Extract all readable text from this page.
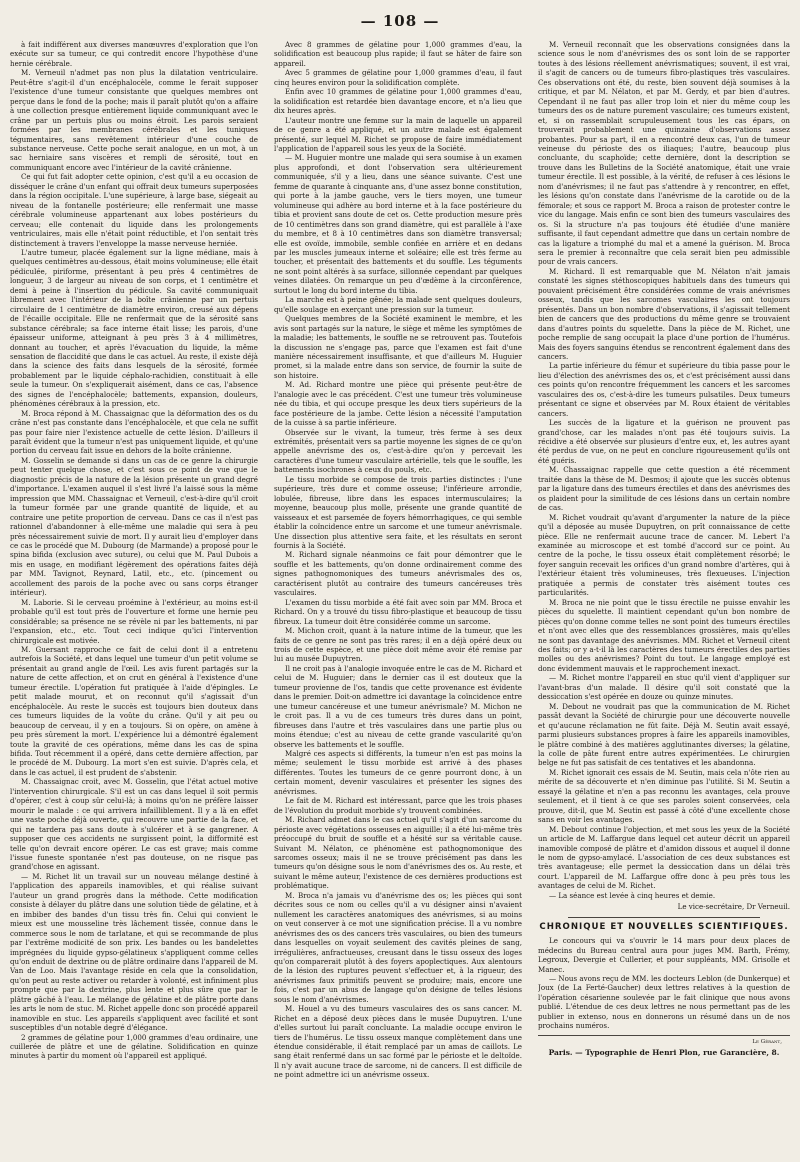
— 108 —

à fait indifférent aux diverses manœuvres d'exploration que l'on exécute sur sa tumeur, ce qui contredit encore l'hypothèse d'une hernie cérébrale.

M. Verneuil n'admet pas non plus la dilatation ventriculaire. Peut-être s'agit-il d'un encéphalocèle, comme le ferait supposer l'existence d'une tumeur consistante que quelques membres ont perçue dans le fond de la poche; mais il paraît plutôt qu'on a affaire à une collection presque entièrement liquide communiquant avec le crâne par un pertuis plus ou moins étroit. Les parois seraient formées par les membranes cérébrales et les tuniques tégumentaires, sans revêtement intérieur d'une couche de substance nerveuse. Cette poche serait analogue, en un mot, à un sac herniaire sans viscères et rempli de sérosité, tout en communiquant encore avec l'intérieur de la cavité crânienne.

Ce qui fut fait adopter cette opinion, c'est qu'il a eu occasion de disséquer le crâne d'un enfant qui offrait deux tumeurs superposées dans la région occipitale. L'une supérieure, à large base, siégeait au niveau de la fontanelle postérieure; elle renfermait une masse cérébrale volumineuse appartenant aux lobes postérieurs du cerveau; elle contenait du liquide dans les prolongements ventriculaires, mais elle n'était point réductible, et l'on sentait très distinctement à travers l'enveloppe la masse nerveuse herniée.

L'autre tumeur, placée également sur la ligne médiane, mais à quelques centimètres au-dessous, était moins volumineuse; elle était pédiculée, piriforme, présentant à peu près 4 centimètres de longueur, 3 de largeur au niveau de son corps, et 1 centimètre et demi à peine à l'insertion du pédicule. Sa cavité communiquait librement avec l'intérieur de la boîte crânienne par un pertuis circulaire de 1 centimètre de diamètre environ, creusé aux dépens de l'écaille occipitale. Elle ne renfermait que de la sérosité sans substance cérébrale; sa face interne était lisse; les parois, d'une épaisseur uniforme, atteignant à peu près 3 à 4 millimètres, donnant au toucher, et après l'évacuation du liquide, la même sensation de flaccidité que dans le cas actuel. Au reste, il existe déjà dans la science des faits dans lesquels de la sérosité, formée probablement par le liquide céphalo-rachidien, constituait à elle seule la tumeur. On s'expliquerait aisément, dans ce cas, l'absence des signes de l'encéphalocèle; battements, expansion, douleurs, phénomènes cérébraux à la pression, etc.

M. Broca répond à M. Chassaignac que la déformation des os du crâne n'est pas constante dans l'encéphalocèle, et que cela ne suffit pas pour faire nier l'existence actuelle de cette lésion. D'ailleurs il paraît évident que la tumeur n'est pas uniquement liquide, et qu'une portion du cerveau fait issue en dehors de la boîte crânienne.

M. Gosselin se demande si dans un cas de ce genre la chirurgie peut tenter quelque chose, et c'est sous ce point de vue que le diagnostic précis de la nature de la lésion présente un grand degré d'importance. L'examen auquel il s'est livré l'a laissé sous la même impression que MM. Chassaignac et Verneuil, c'est-à-dire qu'il croit la tumeur formée par une grande quantité de liquide, et au contraire une petite proportion de cerveau. Dans ce cas il n'est pas rationnel d'abandonner à elle-même une maladie qui sera à peu près nécessairement suivie de mort. Il y aurait lieu d'employer dans ce cas le procédé que M. Dubourg (de Marmande) a proposé pour le spina bifida (exclusion avec suture), ou celui que M. Paul Dubois a mis en usage, en modifiant légèrement des opérations faites déjà par MM. Tavignot, Reynard, Latil, etc., etc. (pincement ou accollement des parois de la poche avec ou sans corps étranger intérieur).

M. Laborie. Si le cerveau proémine à l'extérieur, au moins est-il probable qu'il est tout près de l'ouverture et forme une hernie peu considérable; sa présence ne se révèle ni par les battements, ni par l'expansion, etc., etc. Tout ceci indique qu'ici l'intervention chirurgicale est motivée.

M. Guersant rapproche ce fait de celui dont il a entretenu autrefois la Société, et dans lequel une tumeur d'un petit volume se présentait au grand angle de l'œil. Les avis furent partagés sur la nature de cette affection, et on crut en général à l'existence d'une tumeur érectile. L'opération fut pratiquée à l'aide d'épingles. Le petit malade mourut, et on reconnut qu'il s'agissait d'un encéphalocèle. Au reste le succès est toujours bien douteux dans ces tumeurs liquides de la voûte du crâne. Qu'il y ait peu ou beaucoup de cerveau, il y en a toujours. Si on opère, on amène à peu près sûrement la mort. L'expérience lui a démontré également toute la gravité de ces opérations, même dans les cas de spina bifida. Tout récemment il a opéré, dans cette dernière affection, par le procédé de M. Dubourg. La mort s'en est suivie. D'après cela, et dans le cas actuel, il est prudent de s'abstenir.

M. Chassaignac croit, avec M. Gosselin, que l'état actuel motive l'intervention chirurgicale. S'il est un cas dans lequel il soit permis d'opérer, c'est à coup sûr celui-là; à moins qu'on ne préfère laisser mourir le malade : ce qui arrivera infailliblement. Il y a là en effet une vaste poche déjà ouverte, qui recouvre une partie de la face, et qui ne tardera pas sans doute à s'ulcérer et à se gangrener. A supposer que ces accidents ne surgissent point, la difformité est telle qu'on devrait encore opérer. Le cas est grave; mais comme l'issue funeste spontanée n'est pas douteuse, on ne risque pas grand'chose en agissant.

— M. Richet lit un travail sur un nouveau mélange destiné à l'application des appareils inamovibles, et qui réalise suivant l'auteur un grand progrès dans la méthode. Cette modification consiste à délayer du plâtre dans une solution tiède de gélatine, et à en imbiber des bandes d'un tissu très fin. Celui qui convient le mieux est une mousseline très lâchement tissée, connue dans le commerce sous le nom de tarlatane, et qui se recommande de plus par l'extrême modicité de son prix. Les bandes ou les bandelettes imprégnées du liquide gypso-gélatineux s'appliquent comme celles qu'on enduit de dextrine ou de plâtre ordinaire dans l'appareil de M. Van de Loo. Mais l'avantage réside en cela que la consolidation, qu'on peut au reste activer ou retarder à volonté, est infiniment plus prompte que par la dextrine, plus lente et plus sûre que par le plâtre gâché à l'eau. Le mélange de gélatine et de plâtre porte dans les arts le nom de stuc. M. Richet appelle donc son procédé appareil inamovible en stuc. Les appareils s'appliquent avec facilité et sont susceptibles d'un notable degré d'élégance.

2 grammes de gélatine pour 1,000 grammes d'eau ordinaire, une cuillerée de plâtre et une de gélatine. Solidification en quinze minutes à partir du moment où l'appareil est appliqué.

Avec 8 grammes de gélatine pour 1,000 grammes d'eau, la solidification est beaucoup plus rapide; il faut se hâter de faire son appareil.

Avec 5 grammes de gélatine pour 1,000 grammes d'eau, il faut cinq heures environ pour la solidification complète.

Enfin avec 10 grammes de gélatine pour 1,000 grammes d'eau, la solidification est retardée bien davantage encore, et n'a lieu que dix heures après.

L'auteur montre une femme sur la main de laquelle un appareil de ce genre a été appliqué, et un autre malade est également présenté, sur lequel M. Richet se propose de faire immédiatement l'application de l'appareil sous les yeux de la Société.

— M. Huguier montre une malade qui sera soumise à un examen plus approfondi, et dont l'observation sera ultérieurement communiquée, s'il y a lieu, dans une séance suivante. C'est une femme de quarante à cinquante ans, d'une assez bonne constitution, qui porte à la jambe gauche, vers le tiers moyen, une tumeur volumineuse qui adhère au bord interne et à la face postérieure du tibia et provient sans doute de cet os. Cette production mesure près de 10 centimètres dans son grand diamètre, qui est parallèle à l'axe du membre, et 8 à 10 centimètres dans son diamètre transversal; elle est ovoïde, immobile, semble confiée en arrière et en dedans par les muscles jumeaux interne et soléaire; elle est très ferme au toucher, et présentait des battements et du souffle. Les téguments ne sont point altérés à sa surface, sillonnée cependant par quelques veines dilatées. On remarque un peu d'œdème à la circonférence, surtout le long du bord interne du tibia.

La marche est à peine gênée; la malade sent quelques douleurs, qu'elle soulage en exerçant une pression sur la tumeur.

Quelques membres de la Société examinent le membre, et les avis sont partagés sur la nature, le siège et même les symptômes de la maladie; les battements, le souffle ne se retrouvent pas. Toutefois la discussion ne s'engage pas, parce que l'examen est fait d'une manière nécessairement insuffisante, et que d'ailleurs M. Huguier promet, si la malade entre dans son service, de fournir la suite de son histoire.

M. Ad. Richard montre une pièce qui présente peut-être de l'analogie avec le cas précédent. C'est une tumeur très volumineuse née du tibia, et qui occupe presque les deux tiers supérieurs de la face postérieure de la jambe. Cette lésion a nécessité l'amputation de la cuisse à sa partie inférieure.

Observée sur le vivant, la tumeur, très ferme à ses deux extrémités, présentait vers sa partie moyenne les signes de ce qu'on appelle anévrisme des os, c'est-à-dire qu'on y percevait les caractères d'une tumeur vasculaire artérielle, tels que le souffle, les battements isochrones à ceux du pouls, etc.

Le tissu morbide se compose de trois parties distinctes : l'une supérieure, très dure et comme osseuse; l'inférieure arrondie, lobulée, fibreuse, libre dans les espaces intermusculaires; la moyenne, beaucoup plus molle, présente une grande quantité de vaisseaux et est parsemée de foyers hémorrhagiques, ce qui semble établir la coïncidence entre un sarcome et une tumeur anévrismale. Une dissection plus attentive sera faite, et les résultats en seront fournis à la Société.

M. Richard signale néanmoins ce fait pour démontrer que le souffle et les battements, qu'on donne ordinairement comme des signes pathognomoniques des tumeurs anévrismales des os, caractérisent plutôt au contraire des tumeurs cancéreuses très vasculaires.

L'examen du tissu morbide a été fait avec soin par MM. Broca et Richard. On y a trouvé du tissu fibro-plastique et beaucoup de tissu fibreux. La tumeur doit être considérée comme un sarcome.

M. Michon croit, quant à la nature intime de la tumeur, que les faits de ce genre ne sont pas très rares; il en a déjà opéré deux ou trois de cette espèce, et une pièce doit même avoir été remise par lui au musée Dupuytren.

Il ne croit pas à l'analogie invoquée entre le cas de M. Richard et celui de M. Huguier; dans le dernier cas il est douteux que la tumeur provienne de l'os, tandis que cette provenance est évidente dans le premier. Doit-on admettre ici davantage la coïncidence entre une tumeur cancéreuse et une tumeur anévrismale? M. Michon ne le croit pas. Il a vu de ces tumeurs très dures dans un point, fibreuses dans l'autre et très vasculaires dans une partie plus ou moins étendue; c'est au niveau de cette grande vascularité qu'on observe les battements et le souffle.

Malgré ces aspects si différents, la tumeur n'en est pas moins la même; seulement le tissu morbide est arrivé à des phases différentes. Toutes les tumeurs de ce genre pourront donc, à un certain moment, devenir vasculaires et présenter les signes des anévrismes.

Le fait de M. Richard est intéressant, parce que les trois phases de l'évolution du produit morbide s'y trouvent combinées.

M. Richard admet dans le cas actuel qu'il s'agit d'un sarcome du périoste avec végétations osseuses en aiguille; il a été lui-même très préoccupé du bruit de souffle et a hésité sur sa véritable cause. Suivant M. Nélaton, ce phénomène est pathognomonique des sarcomes osseux; mais il ne se trouve précisément pas dans les tumeurs qu'on désigne sous le nom d'anévrismes des os. Au reste, et suivant le même auteur, l'existence de ces dernières productions est problématique.

M. Broca n'a jamais vu d'anévrisme des os; les pièces qui sont décrites sous ce nom ou celles qu'il a vu désigner ainsi n'avaient nullement les caractères anatomiques des anévrismes, si au moins on veut conserver à ce mot une signification précise. Il a vu nombre anévrismes des os des cancers très vasculaires, ou bien des tumeurs dans lesquelles on voyait seulement des cavités pleines de sang, irrégulières, anfractueuses, creusant dans le tissu osseux des loges qu'on comparerait plutôt à des foyers apoplectiques. Aux alentours de la lésion des ruptures peuvent s'effectuer et, à la rigueur, des anévrismes faux primitifs peuvent se produire; mais, encore une fois, c'est par un abus de langage qu'on désigne de telles lésions sous le nom d'anévrismes.

M. Houel a vu des tumeurs vasculaires des os sans cancer. M. Richet en a déposé deux pièces dans le musée Dupuytren. L'une d'elles surtout lui paraît concluante. La maladie occupe environ le tiers de l'humérus. Le tissu osseux manque complètement dans une étendue considérable, il était remplacé par un amas de caillots. Le sang était renfermé dans un sac formé par le périoste et le deltoïde. Il n'y avait aucune trace de sarcome, ni de cancers. Il est difficile de ne point admettre ici un anévrisme osseux.

M. Verneuil reconnaît que les observations consignées dans la science sous le nom d'anévrismes des os sont loin de se rapporter toutes à des lésions réellement anévrismatiques; souvent, il est vrai, il s'agit de cancers ou de tumeurs fibro-plastiques très vasculaires. Ces observations ont été, du reste, bien souvent déjà soumises à la critique, et par M. Nélaton, et par M. Gerdy, et par bien d'autres. Cependant il ne faut pas aller trop loin et nier du même coup les tumeurs des os de nature purement vasculaire; ces tumeurs existent, et, si on rassemblait scrupuleusement tous les cas épars, on trouverait probablement une quinzaine d'observations assez probantes. Pour sa part, il en a rencontré deux cas, l'un de tumeur veineuse du périoste des os iliaques; l'autre, beaucoup plus concluante, du scaphoïde; cette dernière, dont la description se trouve dans les Bulletins de la Société anatomique, était une vraie tumeur érectile. Il est possible, à la vérité, de refuser à ces lésions le nom d'anévrismes; il ne faut pas s'attendre à y rencontrer, en effet, les lésions qu'on constate dans l'anévrisme de la carotide ou de la fémorale; et sous ce rapport M. Broca a raison de protester contre le vice du langage. Mais enfin ce sont bien des tumeurs vasculaires des os. Si la structure n'a pas toujours été étudiée d'une manière suffisante, il faut cependant admettre que dans un certain nombre de cas la ligature a triomphé du mal et a amené la guérison. M. Broca sera le premier à reconnaître que cela serait bien peu admissible pour de vrais cancers.

M. Richard. Il est remarquable que M. Nélaton n'ait jamais constaté les signes stéthoscopiques habituels dans des tumeurs qui pouvaient précisément être considérées comme de vrais anévrismes osseux, tandis que les sarcomes vasculaires les ont toujours présentés. Dans un bon nombre d'observations, il s'agissait tellement bien de cancers que des productions du même genre se trouvaient dans d'autres points du squelette. Dans la pièce de M. Richet, une poche remplie de sang occupait la place d'une portion de l'humérus. Mais des foyers sanguins étendus se rencontrent également dans des cancers.

La partie inférieure du fémur et supérieure du tibia passe pour le lieu d'élection des anévrismes des os, et c'est précisément aussi dans ces points qu'on rencontre fréquemment les cancers et les sarcomes vasculaires des os, c'est-à-dire les tumeurs pulsatiles. Deux tumeurs présentant ce signe et observées par M. Roux étaient de véritables cancers.

Les succès de la ligature et la guérison ne prouvent pas grand'chose, car les malades n'ont pas été toujours suivis. La récidive a été observée sur plusieurs d'entre eux, et, les autres ayant été perdus de vue, on ne peut en conclure rigoureusement qu'ils ont été guéris.

M. Chassaignac rappelle que cette question a été récemment traitée dans la thèse de M. Desmos; il ajoute que les succès obtenus par la ligature dans des tumeurs érectiles et dans des anévrismes des os plaident pour la similitude de ces lésions dans un certain nombre de cas.

M. Richet voudrait qu'avant d'argumenter la nature de la pièce qu'il a déposée au musée Dupuytren, on prît connaissance de cette pièce. Elle ne renfermait aucune trace de cancer. M. Lebert l'a examinée au microscope et est tombé d'accord sur ce point. Au centre de la poche, le tissu osseux était complètement résorbé; le foyer sanguin recevait les orifices d'un grand nombre d'artères, qui à l'extérieur étaient très volumineuses, très flexueuses. L'injection pratiquée a permis de constater très aisément toutes ces particularités.

M. Broca ne nie point que le tissu érectile ne puisse envahir les pièces du squelette. Il maintient cependant qu'un bon nombre de pièces qu'on donne comme telles ne sont point des tumeurs érectiles et n'ont avec elles que des ressemblances grossières, mais qu'elles ne sont pas davantage des anévrismes. MM. Richet et Verneuil citent des faits; or y a-t-il là les caractères des tumeurs érectiles des parties molles ou des anévrismes? Point du tout. Le langage employé est donc évidemment mauvais et le rapprochement inexact.

— M. Richet montre l'appareil en stuc qu'il vient d'appliquer sur l'avant-bras d'un malade. Il désire qu'il soit constaté que la dessiccation s'est opérée en douze ou quinze minutes.

M. Debout ne voudrait pas que la communication de M. Richet passât devant la Société de chirurgie pour une découverte nouvelle et qu'aucune réclamation ne fût faite. Déjà M. Seutin avait essayé, parmi plusieurs substances propres à faire les appareils inamovibles, le plâtre combiné à des matières agglutinantes diverses; la gélatine, la colle de pâte furent entre autres expérimentées. Le chirurgien belge ne fut pas satisfait de ces tentatives et les abandonna.

M. Richet ignorait ces essais de M. Seutin, mais cela n'ôte rien au mérite de sa découverte et n'en diminue pas l'utilité. Si M. Seutin a essayé la gélatine et n'en a pas reconnu les avantages, cela prouve seulement, et il tient à ce que ses paroles soient conservées, cela prouve, dit-il, que M. Seutin est passé à côté d'une excellente chose sans en voir les avantages.

M. Debout continue l'objection, et met sous les yeux de la Société un article de M. Laffargue dans lequel cet auteur décrit un appareil inamovible composé de plâtre et d'amidon dissous et auquel il donne le nom de gypso-amylacé. L'association de ces deux substances est très avantageuse; elle permet la dessiccation dans un délai très court. L'appareil de M. Laffargue offre donc à peu près tous les avantages de celui de M. Richet.

— La séance est levée à cinq heures et demie.

Le vice-secrétaire, Dr Verneuil.
CHRONIQUE ET NOUVELLES SCIENTIFIQUES.

Le concours qui va s'ouvrir le 14 mars pour deux places de médecins du Bureau central aura pour juges MM. Barth, Frémy, Legroux, Devergie et Cullerier, et pour suppléants, MM. Grisolle et Manec.

— Nous avons reçu de MM. les docteurs Leblon (de Dunkerque) et Joux (de La Ferté-Gaucher) deux lettres relatives à la question de l'opération césarienne soulevée par le fait clinique que nous avons publié. L'étendue de ces deux lettres ne nous permettant pas de les publier in extenso, nous en donnerons un résumé dans un de nos prochains numéros.

Le Gérant,
Paris. — Typographie de Henri Plon, rue Garancière, 8.
